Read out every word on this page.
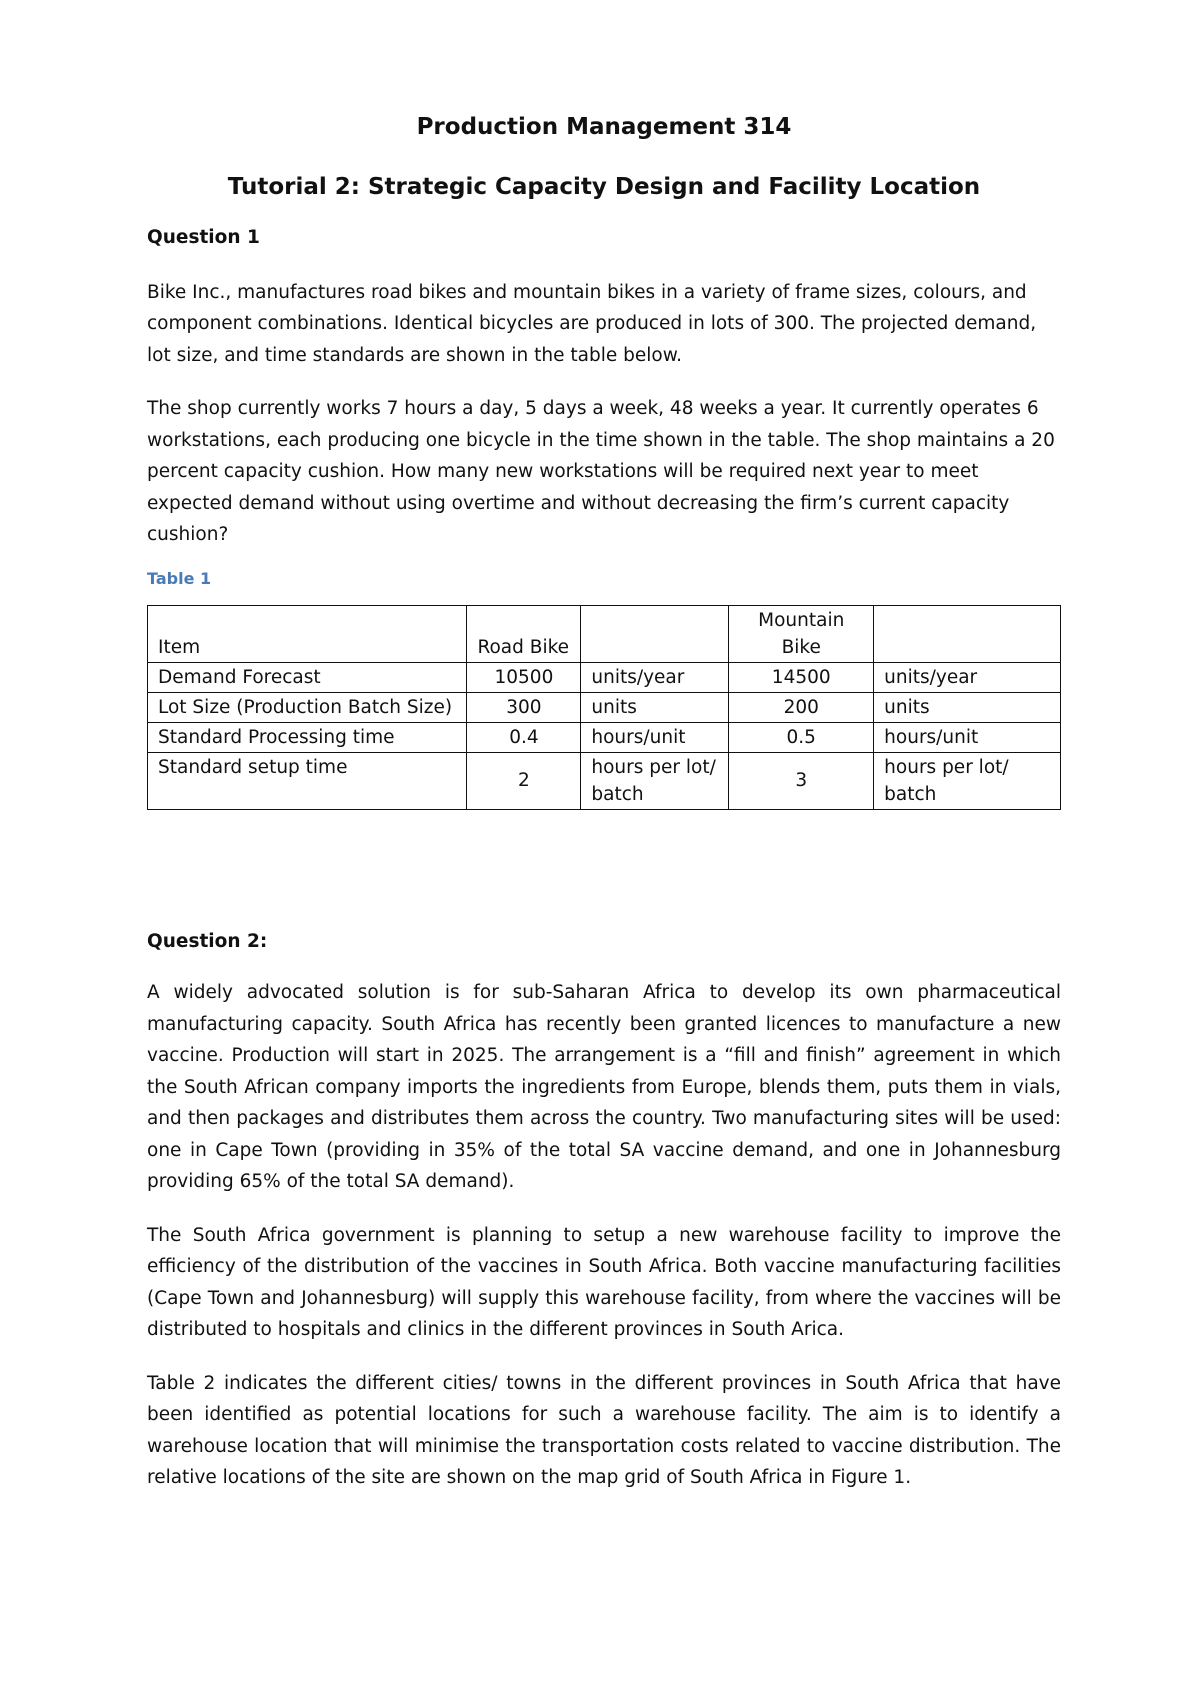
Production Management 314
Tutorial 2: Strategic Capacity Design and Facility Location

Question 1

Bike Inc., manufactures road bikes and mountain bikes in a variety of frame sizes, colours, and component combinations. Identical bicycles are produced in lots of 300. The projected demand, lot size, and time standards are shown in the table below.

The shop currently works 7 hours a day, 5 days a week, 48 weeks a year. It currently operates 6 workstations, each producing one bicycle in the time shown in the table. The shop maintains a 20 percent capacity cushion. How many new workstations will be required next year to meet expected demand without using overtime and without decreasing the firm’s current capacity cushion?

Table 1

Item	Road Bike		Mountain Bike	
Demand Forecast	10500	units/year	14500	units/year
Lot Size (Production Batch Size)	300	units	200	units
Standard Processing time	0.4	hours/unit	0.5	hours/unit
Standard setup time	2	hours per lot/ batch	3	hours per lot/ batch

Question 2:

A widely advocated solution is for sub-Saharan Africa to develop its own pharmaceutical manufacturing capacity. South Africa has recently been granted licences to manufacture a new vaccine. Production will start in 2025. The arrangement is a “fill and finish” agreement in which the South African company imports the ingredients from Europe, blends them, puts them in vials, and then packages and distributes them across the country. Two manufacturing sites will be used: one in Cape Town (providing in 35% of the total SA vaccine demand, and one in Johannesburg providing 65% of the total SA demand).

The South Africa government is planning to setup a new warehouse facility to improve the efficiency of the distribution of the vaccines in South Africa. Both vaccine manufacturing facilities (Cape Town and Johannesburg) will supply this warehouse facility, from where the vaccines will be distributed to hospitals and clinics in the different provinces in South Arica.

Table 2 indicates the different cities/ towns in the different provinces in South Africa that have been identified as potential locations for such a warehouse facility. The aim is to identify a warehouse location that will minimise the transportation costs related to vaccine distribution. The relative locations of the site are shown on the map grid of South Africa in Figure 1.
